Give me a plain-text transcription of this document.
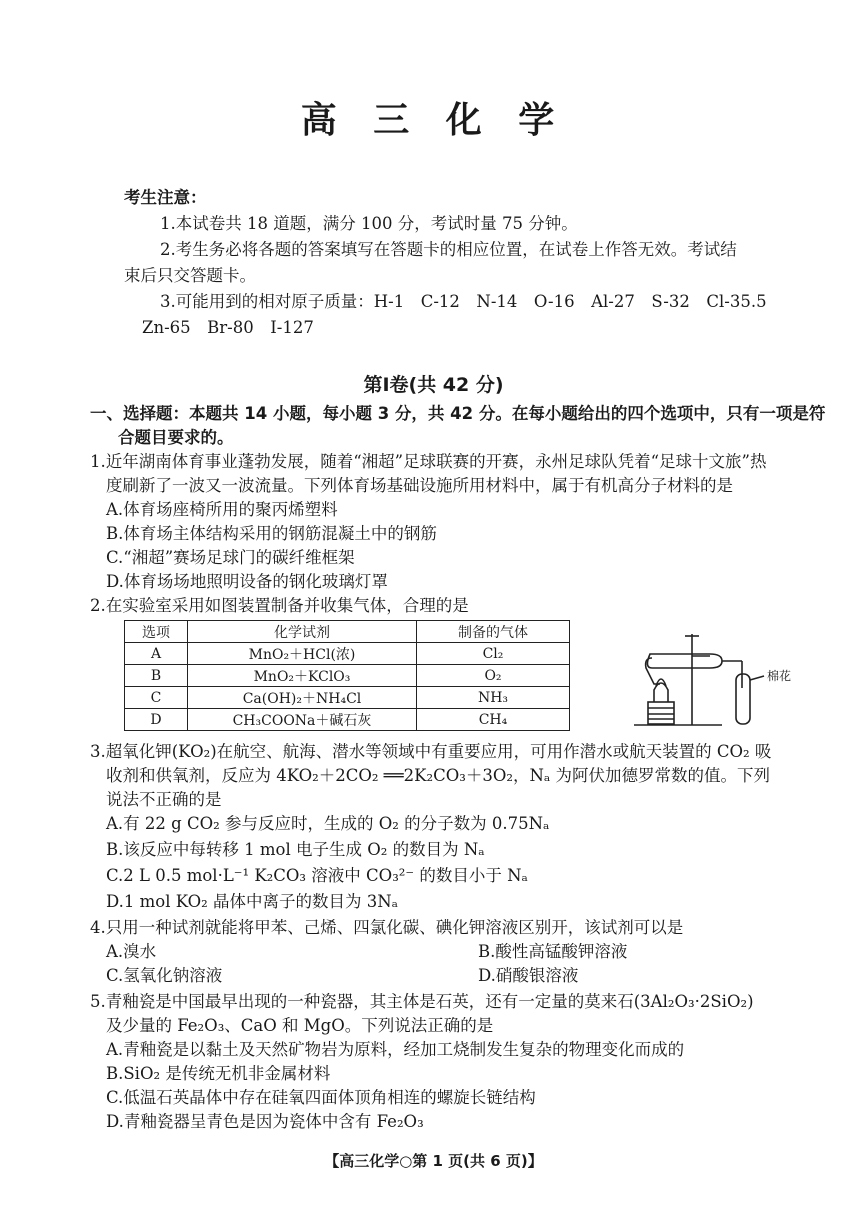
高 三 化 学
考生注意：
1.本试卷共 18 道题，满分 100 分，考试时量 75 分钟。
2.考生务必将各题的答案填写在答题卡的相应位置，在试卷上作答无效。考试结
束后只交答题卡。
3.可能用到的相对原子质量：H-1　C-12　N-14　O-16　Al-27　S-32　Cl-35.5
Zn-65　Br-80　I-127
第Ⅰ卷(共 42 分)
一、选择题：本题共 14 小题，每小题 3 分，共 42 分。在每小题给出的四个选项中，只有一项是符
合题目要求的。
1.近年湖南体育事业蓬勃发展，随着“湘超”足球联赛的开赛，永州足球队凭着“足球十文旅”热
度刷新了一波又一波流量。下列体育场基础设施所用材料中，属于有机高分子材料的是
A.体育场座椅所用的聚丙烯塑料
B.体育场主体结构采用的钢筋混凝土中的钢筋
C.“湘超”赛场足球门的碳纤维框架
D.体育场场地照明设备的钢化玻璃灯罩
2.在实验室采用如图装置制备并收集气体，合理的是
选项	化学试剂	制备的气体
A	MnO₂＋HCl(浓)	Cl₂
B	MnO₂＋KClO₃	O₂
C	Ca(OH)₂＋NH₄Cl	NH₃
D	CH₃COONa＋碱石灰	CH₄
棉花
3.超氧化钾(KO₂)在航空、航海、潜水等领域中有重要应用，可用作潜水或航天装置的 CO₂ 吸
收剂和供氧剂，反应为 4KO₂＋2CO₂ ══2K₂CO₃＋3O₂，Nₐ 为阿伏加德罗常数的值。下列
说法不正确的是
A.有 22 g CO₂ 参与反应时，生成的 O₂ 的分子数为 0.75Nₐ
B.该反应中每转移 1 mol 电子生成 O₂ 的数目为 Nₐ
C.2 L 0.5 mol·L⁻¹ K₂CO₃ 溶液中 CO₃²⁻ 的数目小于 Nₐ
D.1 mol KO₂ 晶体中离子的数目为 3Nₐ
4.只用一种试剂就能将甲苯、己烯、四氯化碳、碘化钾溶液区别开，该试剂可以是
A.溴水	B.酸性高锰酸钾溶液
C.氢氧化钠溶液	D.硝酸银溶液
5.青釉瓷是中国最早出现的一种瓷器，其主体是石英，还有一定量的莫来石(3Al₂O₃·2SiO₂)
及少量的 Fe₂O₃、CaO 和 MgO。下列说法正确的是
A.青釉瓷是以黏土及天然矿物岩为原料，经加工烧制发生复杂的物理变化而成的
B.SiO₂ 是传统无机非金属材料
C.低温石英晶体中存在硅氧四面体顶角相连的螺旋长链结构
D.青釉瓷器呈青色是因为瓷体中含有 Fe₂O₃
【高三化学○第 1 页(共 6 页)】
